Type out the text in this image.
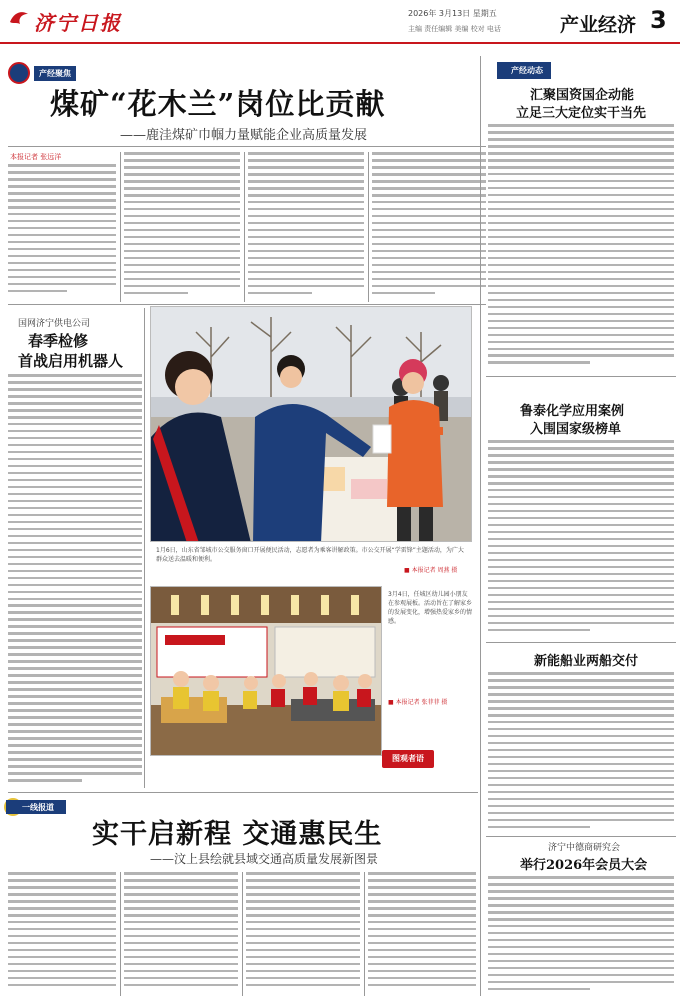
济宁日报	2026年 3月13日 星期五
主编 责任编辑 美编 校对 电话	产业经济 3
产经聚焦
煤矿“花木兰”岗位比贡献
——鹿洼煤矿巾帼力量赋能企业高质量发展
本报记者 张远洋
国网济宁供电公司
春季检修
首战启用机器人
1月6日，山东省邹城市公交服务窗口开展便民活动，志愿者为乘客讲解政策。市公交开展“学雷锋”主题活动，为广大群众送去温暖和便利。
■ 本报记者 周燕 摄
3月4日，任城区幼儿园小朋友在参观展板。活动旨在了解家乡的发展变化，增强热爱家乡的情感。
■ 本报记者 张菲菲 摄
图观者语
产经动态
汇聚国资国企动能
立足三大定位实干当先
鲁泰化学应用案例
入围国家级榜单
新能船业两船交付
济宁中德商研究会
举行2026年会员大会
一线报道
实干启新程 交通惠民生
——汶上县绘就县域交通高质量发展新图景
